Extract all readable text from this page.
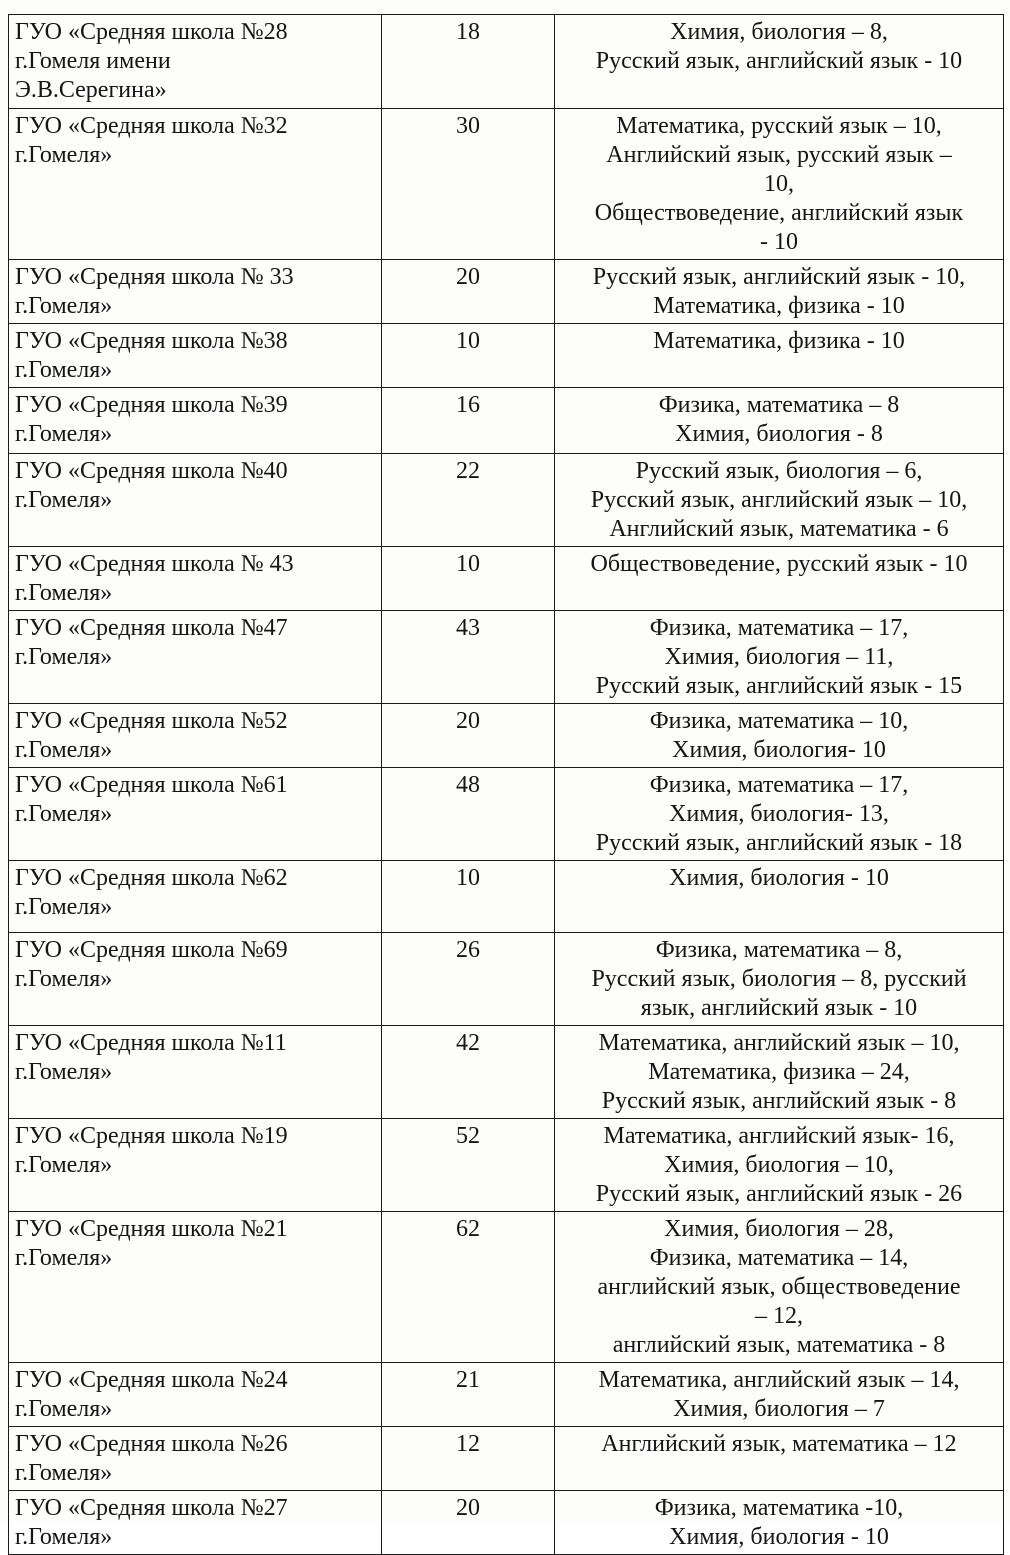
ГУО «Средняя школа №28
г.Гомеля имени
Э.В.Серегина»	18	Химия, биология – 8,
Русский язык, английский язык - 10

ГУО «Средняя школа №32
г.Гомеля»	30	Математика, русский язык – 10,
Английский язык, русский язык –
10,
Обществоведение, английский язык
- 10

ГУО «Средняя школа № 33
г.Гомеля»	20	Русский язык, английский язык - 10,
Математика, физика - 10

ГУО «Средняя школа №38
г.Гомеля»	10	Математика, физика - 10

ГУО «Средняя школа №39
г.Гомеля»	16	Физика, математика – 8
Химия, биология - 8

ГУО «Средняя школа №40
г.Гомеля»	22	Русский язык, биология – 6,
Русский язык, английский язык – 10,
Английский язык, математика - 6

ГУО «Средняя школа № 43
г.Гомеля»	10	Обществоведение, русский язык - 10

ГУО «Средняя школа №47
г.Гомеля»	43	Физика, математика – 17,
Химия, биология – 11,
Русский язык, английский язык - 15

ГУО «Средняя школа №52
г.Гомеля»	20	Физика, математика – 10,
Химия, биология- 10

ГУО «Средняя школа №61
г.Гомеля»	48	Физика, математика – 17,
Химия, биология- 13,
Русский язык, английский язык - 18

ГУО «Средняя школа №62
г.Гомеля»	10	Химия, биология - 10

ГУО «Средняя школа №69
г.Гомеля»	26	Физика, математика – 8,
Русский язык, биология – 8, русский
язык, английский язык - 10

ГУО «Средняя школа №11
г.Гомеля»	42	Математика, английский язык – 10,
Математика, физика – 24,
Русский язык, английский язык - 8

ГУО «Средняя школа №19
г.Гомеля»	52	Математика, английский язык- 16,
Химия, биология – 10,
Русский язык, английский язык - 26

ГУО «Средняя школа №21
г.Гомеля»	62	Химия, биология – 28,
Физика, математика – 14,
английский язык, обществоведение
– 12,
английский язык, математика - 8

ГУО «Средняя школа №24
г.Гомеля»	21	Математика, английский язык – 14,
Химия, биология – 7

ГУО «Средняя школа №26
г.Гомеля»	12	Английский язык, математика – 12

ГУО «Средняя школа №27
г.Гомеля»	20	Физика, математика -10,
Химия, биология - 10
